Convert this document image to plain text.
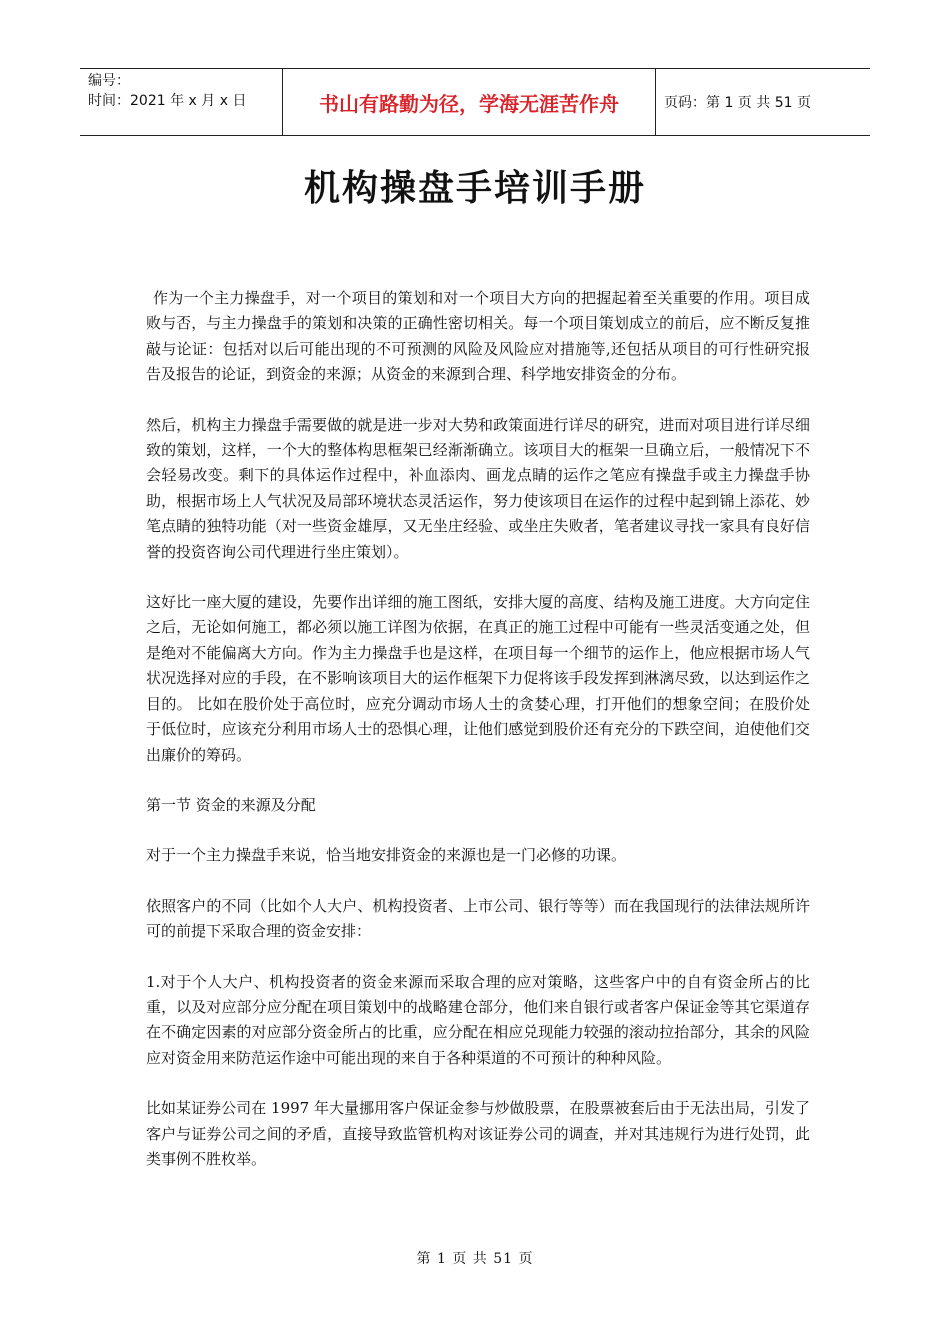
编号：
时间：2021 年 x 月 x 日	书山有路勤为径，学海无涯苦作舟	页码：第 1 页 共 51 页
机构操盘手培训手册

作为一个主力操盘手，对一个项目的策划和对一个项目大方向的把握起着至关重要的作用。项目成败与否，与主力操盘手的策划和决策的正确性密切相关。每一个项目策划成立的前后，应不断反复推敲与论证：包括对以后可能出现的不可预测的风险及风险应对措施等,还包括从项目的可行性研究报告及报告的论证，到资金的来源；从资金的来源到合理、科学地安排资金的分布。

然后，机构主力操盘手需要做的就是进一步对大势和政策面进行详尽的研究，进而对项目进行详尽细致的策划，这样，一个大的整体构思框架已经渐渐确立。该项目大的框架一旦确立后，一般情况下不会轻易改变。剩下的具体运作过程中，补血添肉、画龙点睛的运作之笔应有操盘手或主力操盘手协助，根据市场上人气状况及局部环境状态灵活运作，努力使该项目在运作的过程中起到锦上添花、妙笔点睛的独特功能（对一些资金雄厚，又无坐庄经验、或坐庄失败者，笔者建议寻找一家具有良好信誉的投资咨询公司代理进行坐庄策划）。

这好比一座大厦的建设，先要作出详细的施工图纸，安排大厦的高度、结构及施工进度。大方向定住之后，无论如何施工，都必须以施工详图为依据，在真正的施工过程中可能有一些灵活变通之处，但是绝对不能偏离大方向。作为主力操盘手也是这样，在项目每一个细节的运作上，他应根据市场人气状况选择对应的手段，在不影响该项目大的运作框架下力促将该手段发挥到淋漓尽致，以达到运作之目的。 比如在股价处于高位时，应充分调动市场人士的贪婪心理，打开他们的想象空间；在股价处于低位时，应该充分利用市场人士的恐惧心理，让他们感觉到股价还有充分的下跌空间，迫使他们交出廉价的筹码。

第一节 资金的来源及分配

对于一个主力操盘手来说，恰当地安排资金的来源也是一门必修的功课。

依照客户的不同（比如个人大户、机构投资者、上市公司、银行等等）而在我国现行的法律法规所许可的前提下采取合理的资金安排：

1.对于个人大户、机构投资者的资金来源而采取合理的应对策略，这些客户中的自有资金所占的比重，以及对应部分应分配在项目策划中的战略建仓部分，他们来自银行或者客户保证金等其它渠道存在不确定因素的对应部分资金所占的比重，应分配在相应兑现能力较强的滚动拉抬部分，其余的风险应对资金用来防范运作途中可能出现的来自于各种渠道的不可预计的种种风险。

比如某证券公司在 1997 年大量挪用客户保证金参与炒做股票，在股票被套后由于无法出局，引发了客户与证券公司之间的矛盾，直接导致监管机构对该证券公司的调查，并对其违规行为进行处罚，此类事例不胜枚举。

第 1 页 共 51 页
